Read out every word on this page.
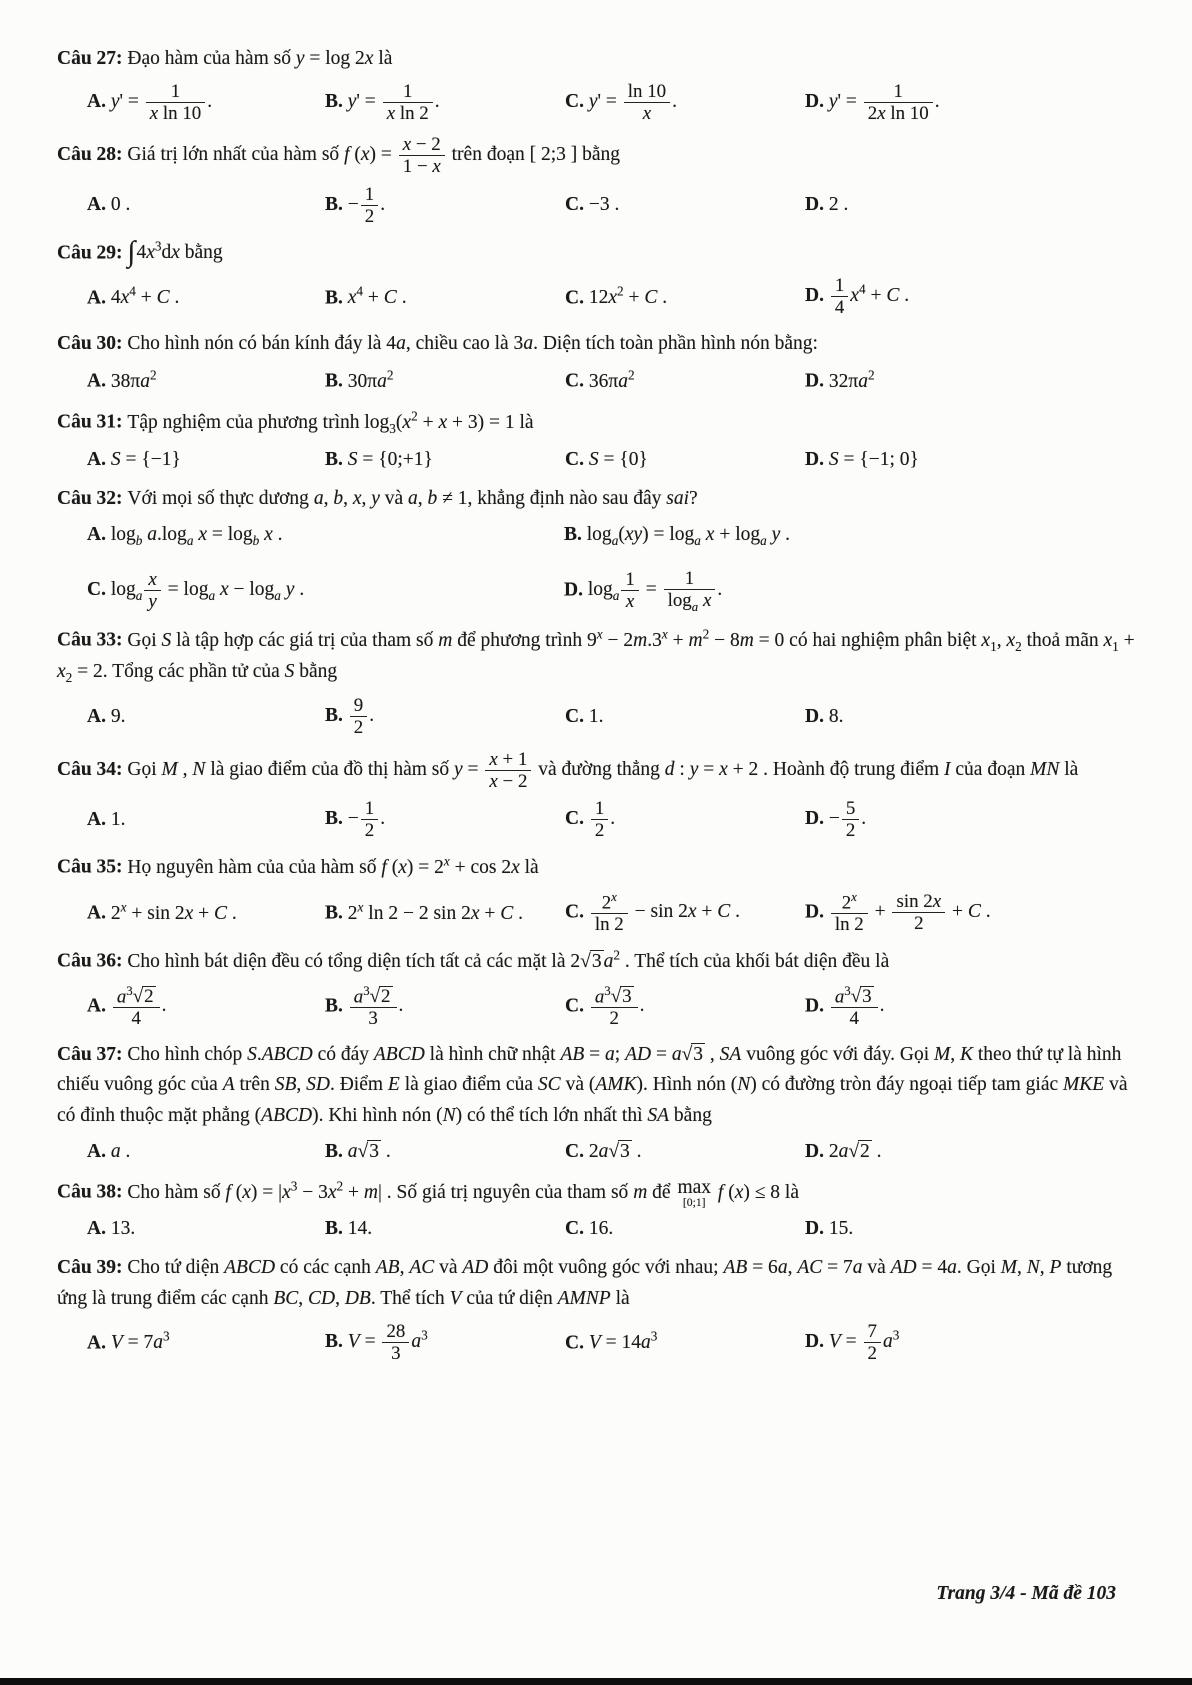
Câu 27: Đạo hàm của hàm số y = log 2x là
A. $y' = \frac{1}{\text{x ln 10}}$ .	B. $y' = \frac{1}{\text{x ln 2}}$ .	C. $y' = \frac{\ln 10}{x}$ .	D. $y' = \frac{1}{\text{2x ln 10}}$ .
Câu 28: Giá trị lớn nhất của hàm số f $(x) = \frac{x - 2}{1 - x}$ trên đoạn [ 2;3 ] bằng
A. 0 .	B. − $\frac{1}{2}$ .	C. −3 .	D. 2 .
Câu 29: $\int 4x^3dx$ bằng
A. $4x^4 + C$ .	B. $x^4 + C$ .	C. $12x^2 + C$ .	D. $\frac{1}{4} x^4 + C$ .
Câu 30: Cho hình nón có bán kính đáy là 4a, chiều cao là 3a. Diện tích toàn phần hình nón bằng:
A. $38\pi a^2$	B. $30\pi a^2$	C. $36\pi a^2$	D. $32\pi a^2$
Câu 31: Tập nghiệm của phương trình $\log_3(x^2 + x + 3) = 1$ là
A. S = {−1}	B. S = {0;+1}	C. S = {0}	D. S = {−1; 0}
Câu 32: Với mọi số thực dương a, b, x, y và a, b ≠ 1, khẳng định nào sau đây sai?
A. $\log_b a.\log_a$ $x = \log_b x$ .	B. $\log_a(xy) = \log_a x + \log_a y$ .
C. $\log_a \frac{x}{y} = \log_a x - \log_a y$ .	D. $\log_a \frac{1}{x} = \frac{1}{\log_a x}$ .
Câu 33: Gọi S là tập hợp các giá trị của tham số m để phương trình $9^x - 2m.3^x + m^2 - 8m = 0$ có hai nghiệm phân biệt $x_1$, $x_2$ thoả mãn $x_1 + x_2 = 2$. Tổng các phần tử của S bằng
A. 9.	B. $\frac{9}{2}$ .	C. 1.	D. 8.
Câu 34: Gọi M , N là giao điểm của đồ thị hàm số $y = \frac{x + 1}{x - 2}$ và đường thẳng d : y = x + 2 . Hoành độ trung điểm I của đoạn MN là
A. 1.	B. − $\frac{1}{2}$ .	C. $\frac{1}{2}$ .	D. − $\frac{5}{2}$ .
Câu 35: Họ nguyên hàm của của hàm số f $(x) = 2^x + \cos 2x$ là
A. $2^x + \sin 2x + C$ .	B. 2$^x$ ln 2 − 2 sin 2x + C .	C. $\frac{2^x}{\ln 2} - \sin 2x + C$ .	D. $\frac{2^x}{\ln 2} + \frac{\sin 2x}{2} + C$ .
Câu 36: Cho hình bát diện đều có tổng diện tích tất cả các mặt là 2√ 3 $a^2$ . Thể tích của khối bát diện đều là
A. $\frac{a^3√ 2}{4}$ .	B. $\frac{a^3√ 2}{3}$ .	C. $\frac{a^3√ 3}{2}$ .	D. $\frac{a^3√ 3}{4}$ .
Câu 37: Cho hình chóp S.ABCD có đáy ABCD là hình chữ nhật AB = a; AD = a√ 3 , SA vuông góc với đáy. Gọi M, K theo thứ tự là hình chiếu vuông góc của A trên SB, SD. Điểm E là giao điểm của SC và (AMK). Hình nón (N) có đường tròn đáy ngoại tiếp tam giác MKE và có đỉnh thuộc mặt phẳng (ABCD). Khi hình nón (N) có thể tích lớn nhất thì SA bằng
A. a .	B. a√ 3 .	C. 2a√ 3 .	D. 2a√ 2 .
Câu 38: Cho hàm số f $(x) = |x^3 - 3x^2 + m|$ . Số giá trị nguyên của tham số m để max
[0;1] f (x) ≤ 8 là
A. 13.	B. 14.	C. 16.	D. 15.
Câu 39: Cho tứ diện ABCD có các cạnh AB, AC và AD đôi một vuông góc với nhau; AB = 6a, AC = 7a và AD = 4a. Gọi M, N, P tương ứng là trung điểm các cạnh BC, CD, DB. Thể tích V của tứ diện AMNP là
A. $V = 7a^3$	B. $V = \frac{28}{3} a^3$	C. $V = 14a^3$	D. $V = \frac{7}{2} a^3$
Trang 3/4 - Mã đề 103
